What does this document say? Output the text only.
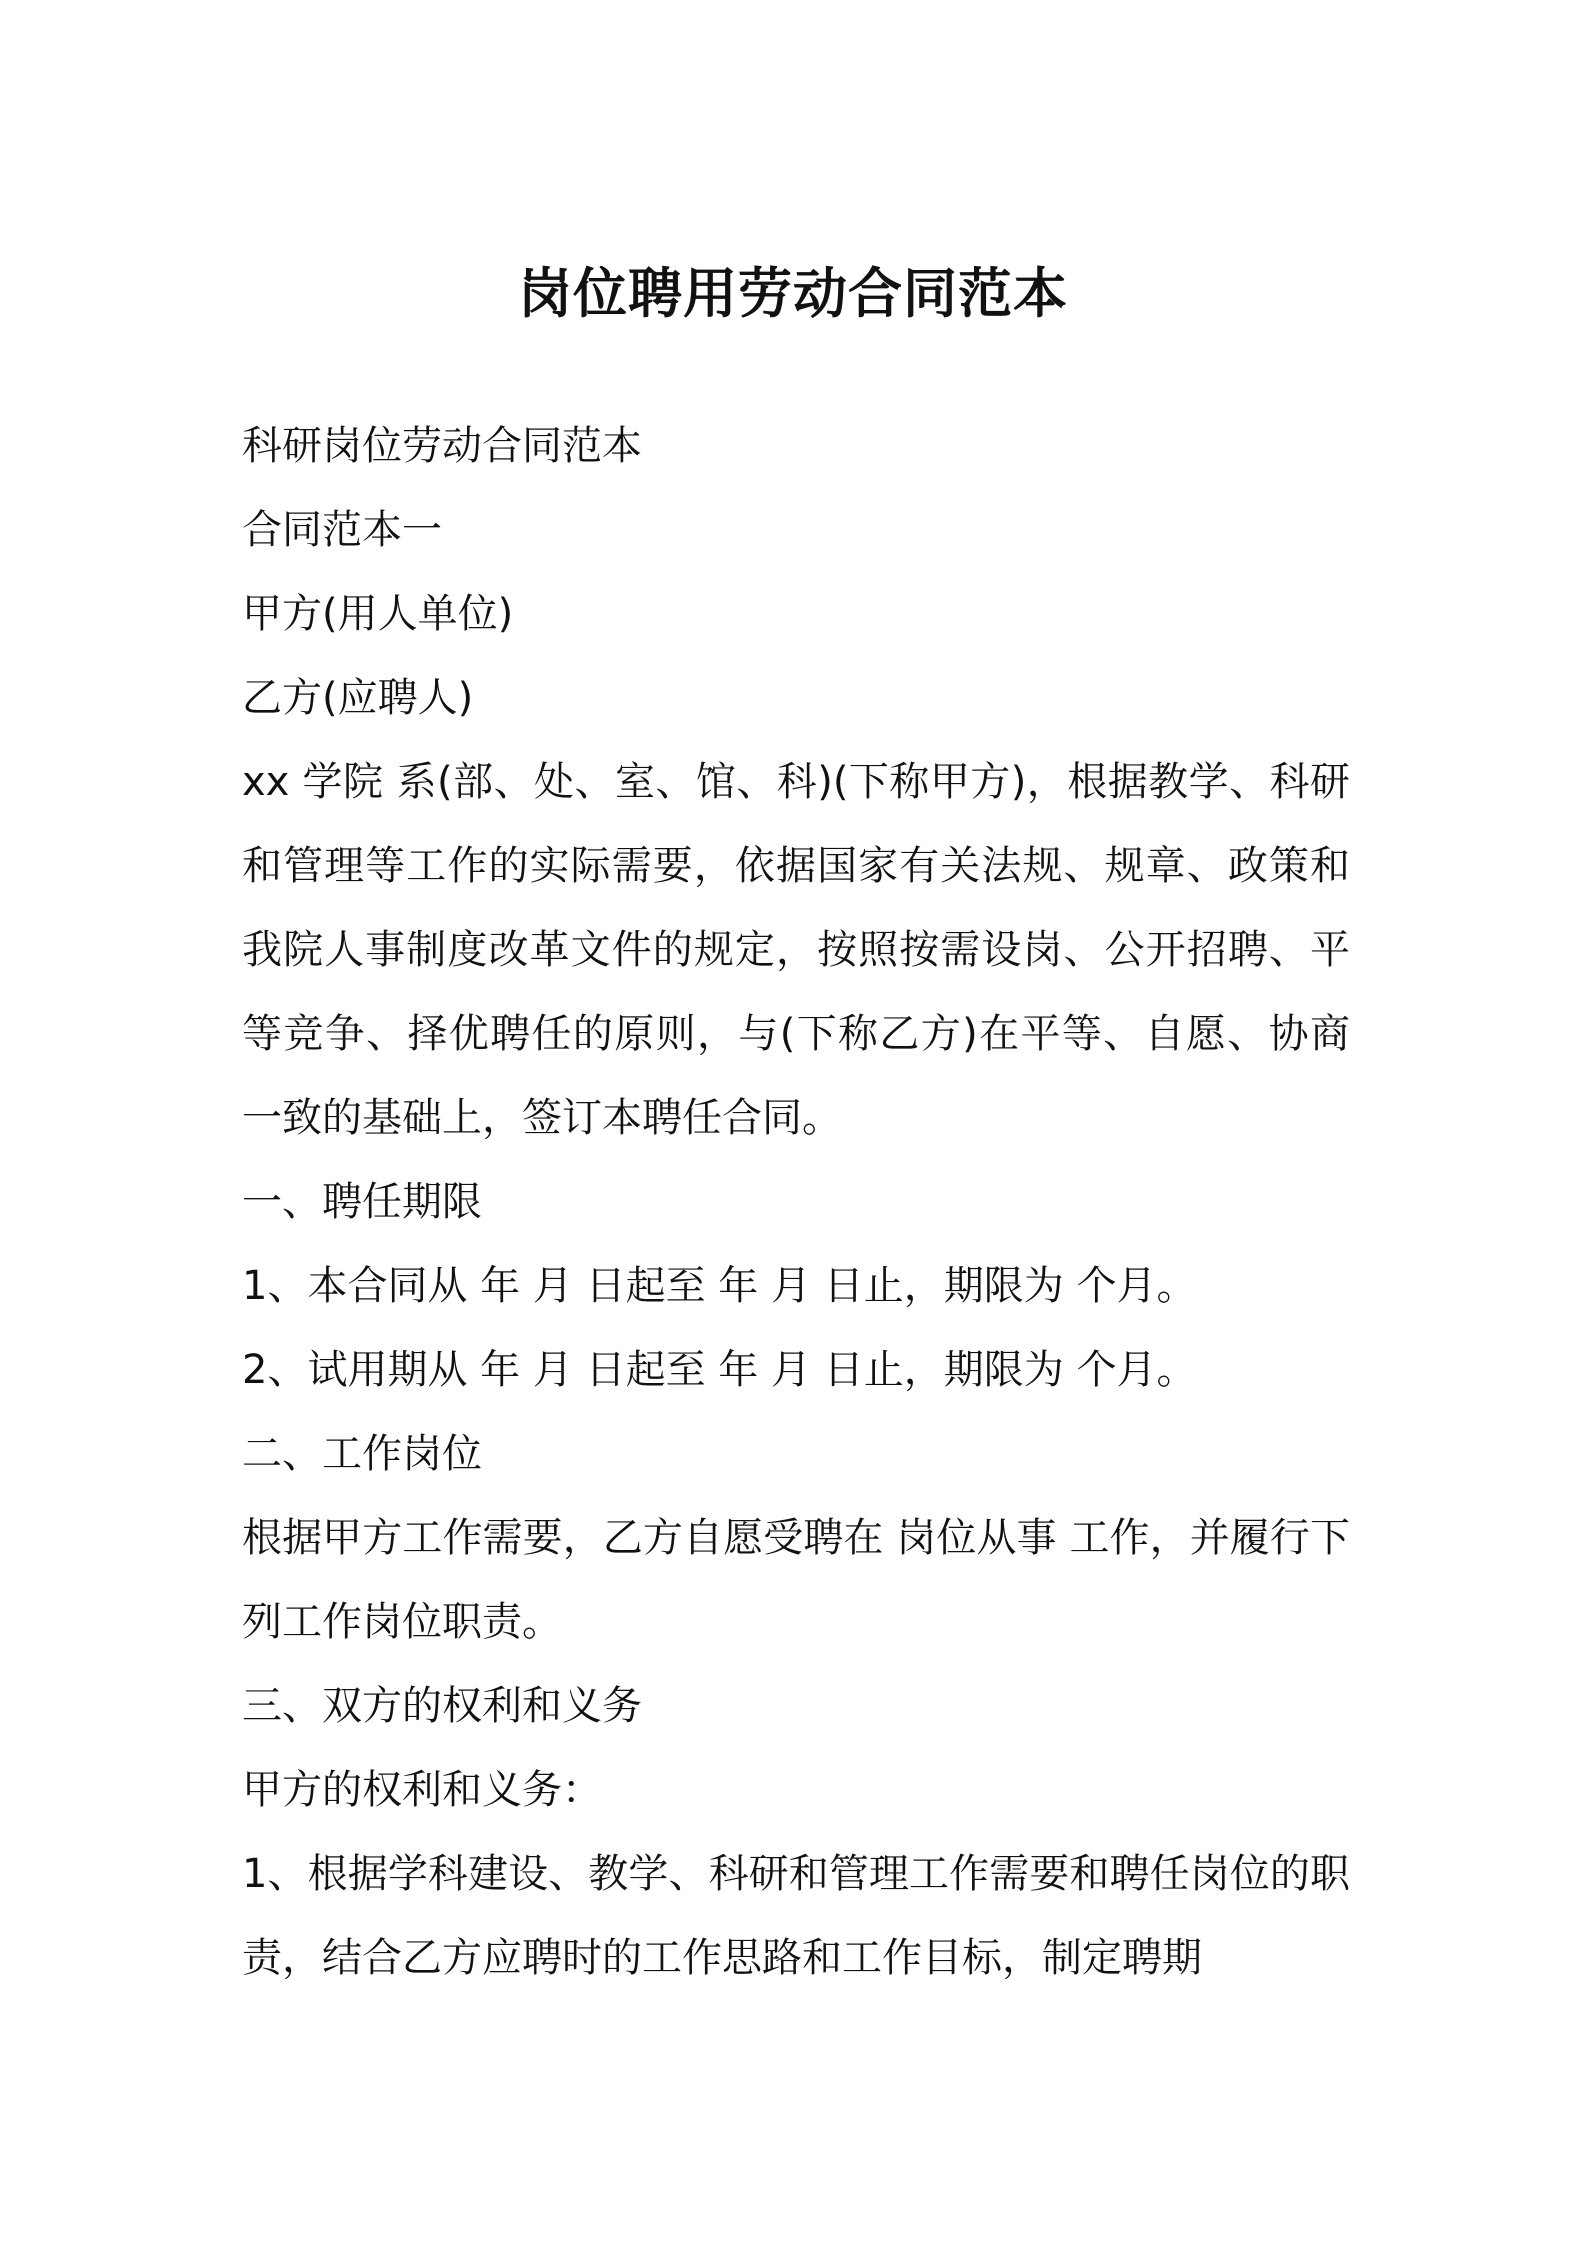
岗位聘用劳动合同范本

科研岗位劳动合同范本

合同范本一

甲方(用人单位)

乙方(应聘人)

xx 学院 系(部、处、室、馆、科)(下称甲方)，根据教学、科研和管理等工作的实际需要，依据国家有关法规、规章、政策和我院人事制度改革文件的规定，按照按需设岗、公开招聘、平等竞争、择优聘任的原则，与(下称乙方)在平等、自愿、协商一致的基础上，签订本聘任合同。

一、聘任期限

1、本合同从 年 月 日起至 年 月 日止，期限为 个月。

2、试用期从 年 月 日起至 年 月 日止，期限为 个月。

二、工作岗位

根据甲方工作需要，乙方自愿受聘在 岗位从事 工作，并履行下列工作岗位职责。

三、双方的权利和义务

甲方的权利和义务：

1、根据学科建设、教学、科研和管理工作需要和聘任岗位的职责，结合乙方应聘时的工作思路和工作目标，制定聘期
